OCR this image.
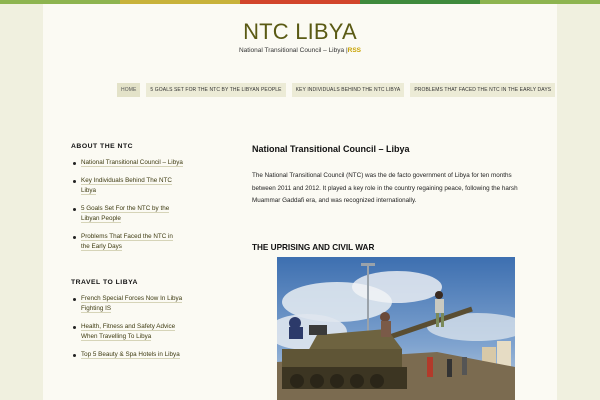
NTC LIBYA
National Transitional Council – Libya |RSS
HOME	5 GOALS SET FOR THE NTC BY THE LIBYAN PEOPLE	KEY INDIVIDUALS BEHIND THE NTC LIBYA	PROBLEMS THAT FACED THE NTC IN THE EARLY DAYS
ABOUT THE NTC
National Transitional Council – Libya
Key Individuals Behind The NTC Libya
5 Goals Set For the NTC by the Libyan People
Problems That Faced the NTC in the Early Days
TRAVEL TO LIBYA
French Special Forces Now In Libya Fighting IS
Health, Fitness and Safety Advice When Travelling To Libya
Top 5 Beauty & Spa Hotels in Libya
National Transitional Council – Libya

The National Transitional Council (NTC) was the de facto government of Libya for ten months between 2011 and 2012. It played a key role in the country regaining peace, following the harsh Muammar Gaddafi era, and was recognized internationally.

THE UPRISING AND CIVIL WAR
